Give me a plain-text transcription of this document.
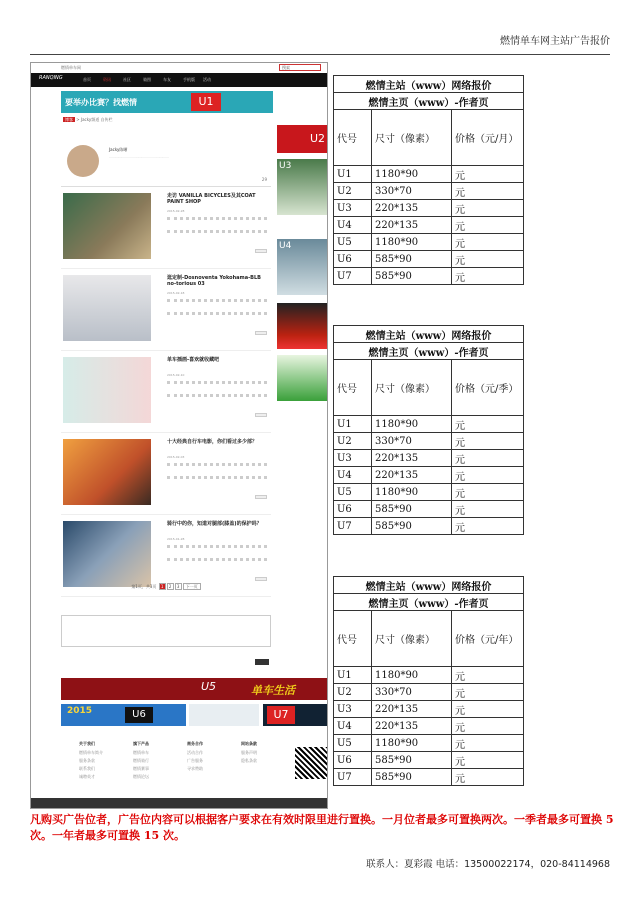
燃情单车网主站广告报价
燃情单车网	搜索
RANQING	首页	资讯	社区	骑图	车友	手机版	活动
要举办比赛？找燃情	U1
博客 > Jacky频道 自传栏
Jacky陈晰
·······························································
29
走访 VANILLA BICYCLES及其COAT PAINT SHOP
2015-02-28
逛定制-Dosnoventa Yokohama-BLB no-torious 03
2015-02-18
单车插画-喜欢就收藏吧
2015-02-10
十大经典自行车电影，你们看过多少部？
2015-02-03
骑行中的你，知道对腿部(膝盖)的保护吗？
2015-01-28
第1页，共3页 1 2 3 下一页
U2
U3
U4
U5	单车生活
2015	U6	U7
关于我们
燃情单车简介
服务条款
联系我们
诚聘英才
旗下产品
燃情单车
燃情骑行
燃情赛事
燃情论坛
商务合作
活动合作
广告服务
寻求赞助
网站条款
服务声明
隐私条款
燃情主站（www）网络报价		
燃情主页（www）-作者页		
代号	尺寸（像素）	价格（元/月）
U1	1180*90	元
U2	330*70	元
U3	220*135	元
U4	220*135	元
U5	1180*90	元
U6	585*90	元
U7	585*90	元
燃情主站（www）网络报价		
燃情主页（www）-作者页		
代号	尺寸（像素）	价格（元/季）
U1	1180*90	元
U2	330*70	元
U3	220*135	元
U4	220*135	元
U5	1180*90	元
U6	585*90	元
U7	585*90	元
燃情主站（www）网络报价		
燃情主页（www）-作者页		
代号	尺寸（像素）	价格（元/年）
U1	1180*90	元
U2	330*70	元
U3	220*135	元
U4	220*135	元
U5	1180*90	元
U6	585*90	元
U7	585*90	元
凡购买广告位者，广告位内容可以根据客户要求在有效时限里进行置换。一月位者最多可置换两次。一季者最多可置换 5 次。一年者最多可置换 15 次。
联系人：夏彩霞 电话：13500022174，020-84114968
